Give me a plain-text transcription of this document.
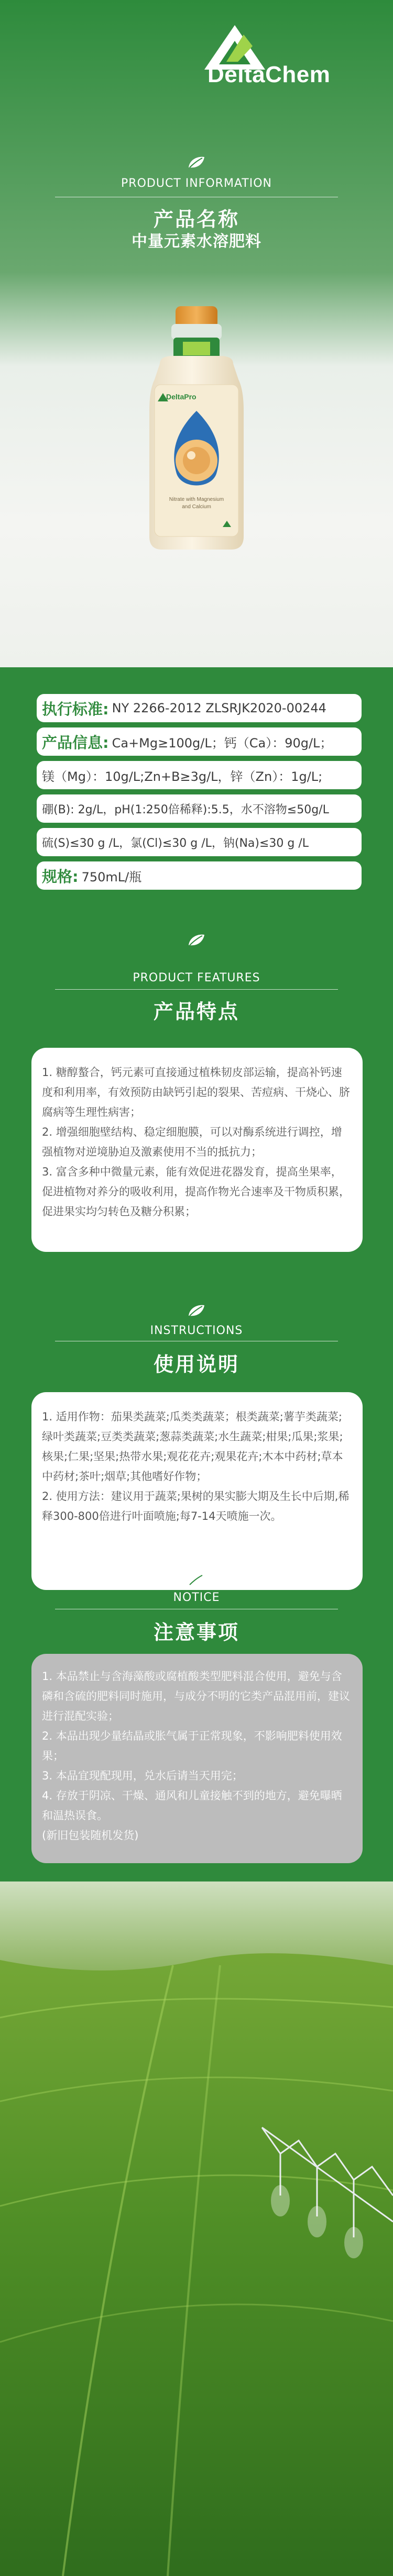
DeltaChem
PRODUCT INFORMATION
产品名称
中量元素水溶肥料
DeltaPro
Nitrate with Magnesium
and Calcium
执行标准: NY 2266-2012 ZLSRJK2020-00244
产品信息: Ca+Mg≥100g/L；钙（Ca）：90g/L；
镁（Mg）：10g/L;Zn+B≥3g/L，锌（Zn）：1g/L;
硼(B): 2g/L，pH(1:250倍稀释):5.5，水不溶物≤50g/L
硫(S)≤30 g /L，氯(Cl)≤30 g /L，钠(Na)≤30 g /L
规格: 750mL/瓶
PRODUCT FEATURES
产品特点

1. 糖醇螯合，钙元素可直接通过植株韧皮部运输，提高补钙速度和利用率，有效预防由缺钙引起的裂果、苦痘病、干烧心、脐腐病等生理性病害；

2. 增强细胞壁结构、稳定细胞膜，可以对酶系统进行调控，增强植物对逆境胁迫及激素使用不当的抵抗力；

3. 富含多种中微量元素，能有效促进花器发育，提高坐果率，促进植物对养分的吸收利用，提高作物光合速率及干物质积累，促进果实均匀转色及糖分积累；

INSTRUCTIONS
使用说明

1. 适用作物：茄果类蔬菜;瓜类类蔬菜；根类蔬菜;薯芋类蔬菜;绿叶类蔬菜;豆类类蔬菜;葱蒜类蔬菜;水生蔬菜;柑果;瓜果;浆果;核果;仁果;坚果;热带水果;观花花卉;观果花卉;木本中药材;草本中药材;茶叶;烟草;其他嗜好作物；

2. 使用方法：建议用于蔬菜;果树的果实膨大期及生长中后期,稀释300-800倍进行叶面喷施;每7-14天喷施一次。

NOTICE
注意事项

1. 本品禁止与含海藻酸或腐植酸类型肥料混合使用，避免与含磷和含硫的肥料同时施用，与成分不明的它类产品混用前，建议进行混配实验；

2. 本品出现少量结晶或胀气属于正常现象，不影响肥料使用效果；

3. 本品宜现配现用，兑水后请当天用完；

4. 存放于阴凉、干燥、通风和儿童接触不到的地方，避免曝晒和温热误食。

(新旧包装随机发货)
